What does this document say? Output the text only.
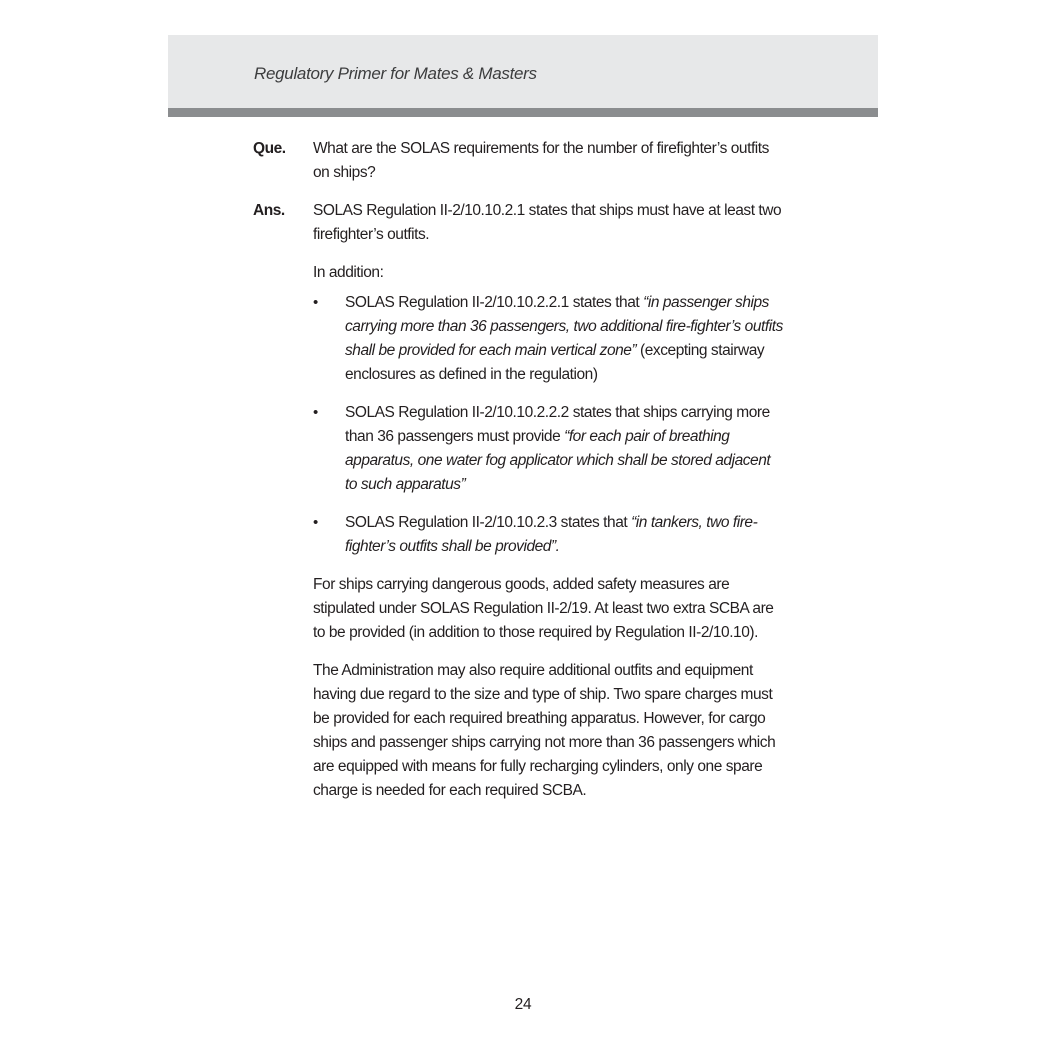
Regulatory Primer for Mates & Masters
Que.	What are the SOLAS requirements for the number of firefighter’s outfits on ships?
Ans.	SOLAS Regulation II-2/10.10.2.1 states that ships must have at least two firefighter’s outfits.
In addition:
•	SOLAS Regulation II-2/10.10.2.2.1 states that “in passenger ships carrying more than 36 passengers, two additional fire-fighter’s outfits shall be provided for each main vertical zone” (excepting stairway enclosures as defined in the regulation)
•	SOLAS Regulation II-2/10.10.2.2.2 states that ships carrying more than 36 passengers must provide “for each pair of breathing apparatus, one water fog applicator which shall be stored adjacent to such apparatus”
•	SOLAS Regulation II-2/10.10.2.3 states that “in tankers, two fire-fighter’s outfits shall be provided”.
For ships carrying dangerous goods, added safety measures are stipulated under SOLAS Regulation II-2/19. At least two extra SCBA are to be provided (in addition to those required by Regulation II-2/10.10).
The Administration may also require additional outfits and equipment having due regard to the size and type of ship. Two spare charges must be provided for each required breathing apparatus. However, for cargo ships and passenger ships carrying not more than 36 passengers which are equipped with means for fully recharging cylinders, only one spare charge is needed for each required SCBA.
24
